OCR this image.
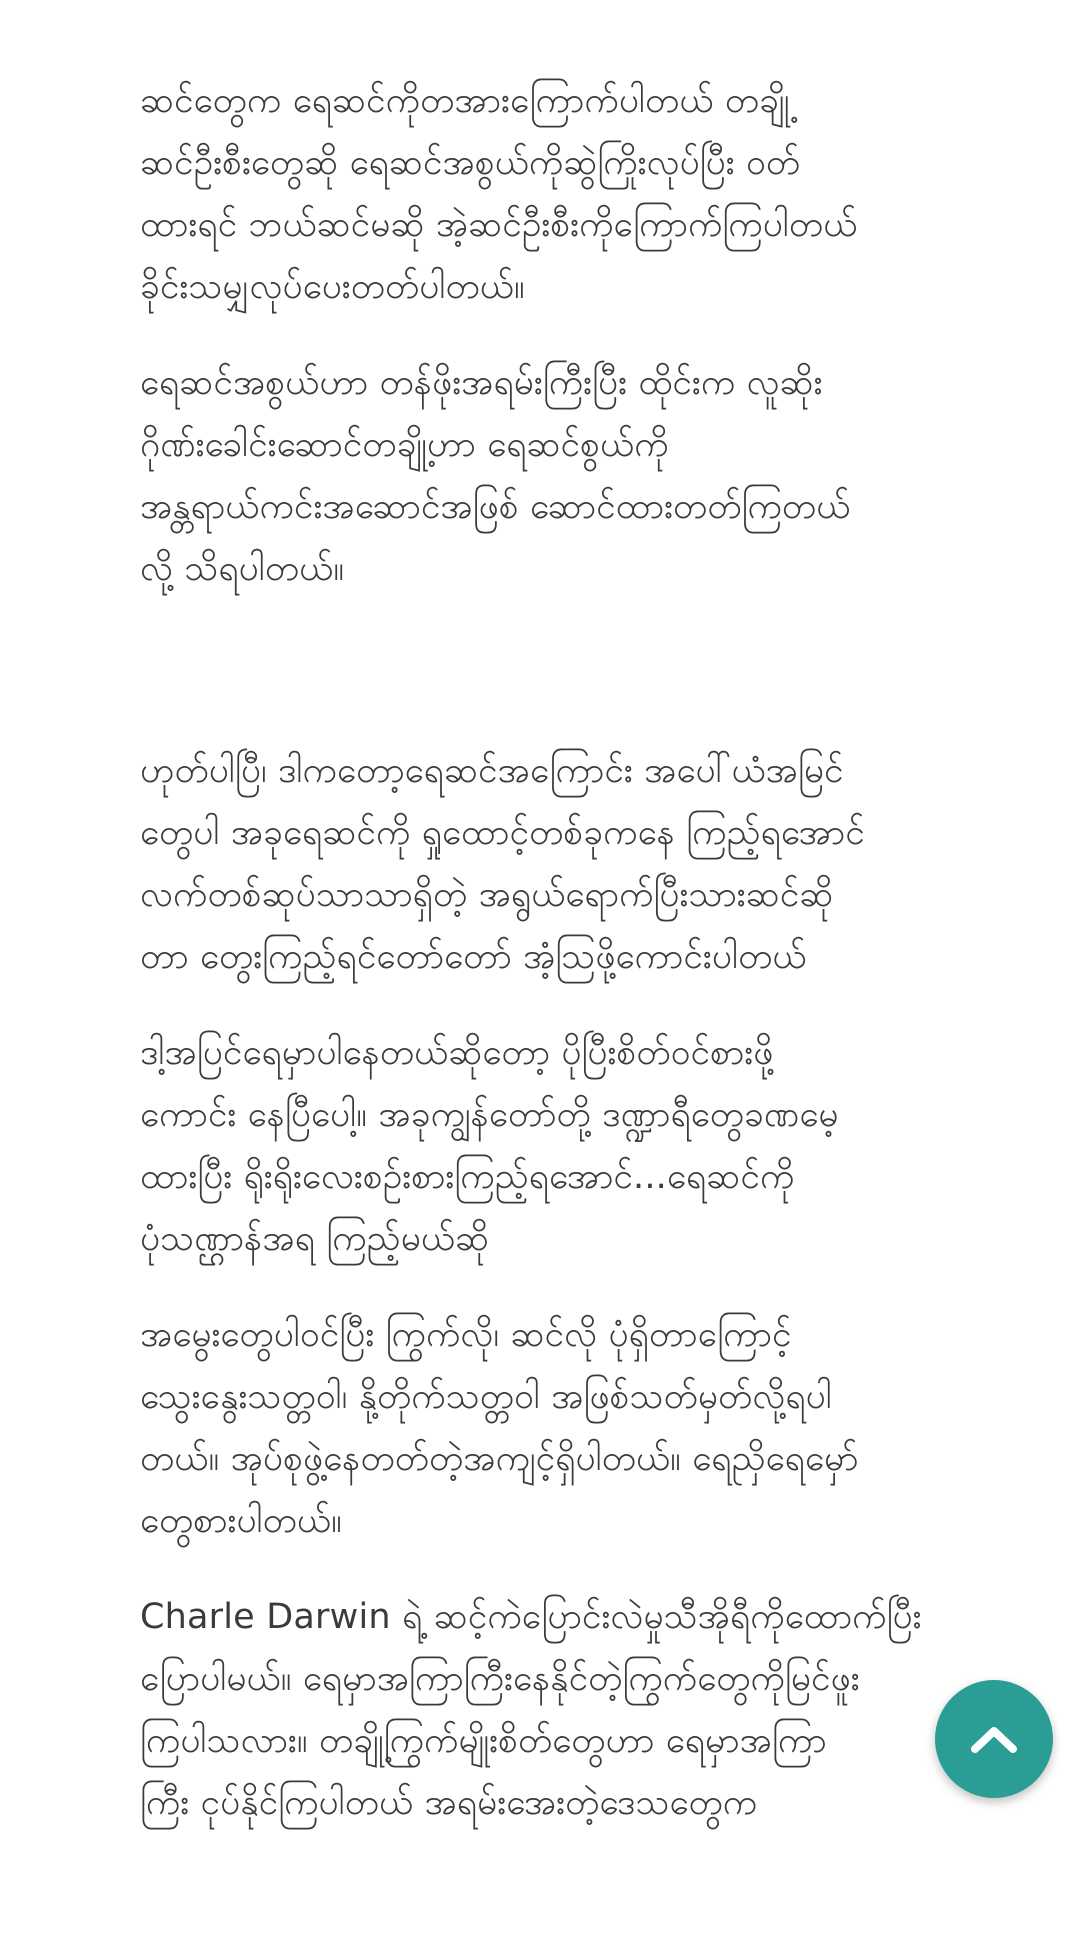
ဆင်တွေက ရေဆင်ကိုတအားကြောက်ပါတယ် တချို့
ဆင်ဦးစီးတွေဆို ရေဆင်အစွယ်ကိုဆွဲကြိုးလုပ်ပြီး ဝတ်
ထားရင် ဘယ်ဆင်မဆို အဲ့ဆင်ဦးစီးကိုကြောက်ကြပါတယ်
ခိုင်းသမျှလုပ်ပေးတတ်ပါတယ်။

ရေဆင်အစွယ်ဟာ တန်ဖိုးအရမ်းကြီးပြီး ထိုင်းက လူဆိုး
ဂိုဏ်းခေါင်းဆောင်တချို့ဟာ ရေဆင်စွယ်ကို
အန္တရာယ်ကင်းအဆောင်အဖြစ် ဆောင်ထားတတ်ကြတယ်
လို့ သိရပါတယ်။

ဟုတ်ပါပြီ၊ ဒါကတော့ရေဆင်အကြောင်း အပေါ်ယံအမြင်
တွေပါ အခုရေဆင်ကို ရှုထောင့်တစ်ခုကနေ ကြည့်ရအောင်
လက်တစ်ဆုပ်သာသာရှိတဲ့ အရွယ်ရောက်ပြီးသားဆင်ဆို
တာ တွေးကြည့်ရင်တော်တော် အံ့သြဖို့ကောင်းပါတယ်

ဒါ့အပြင်ရေမှာပါနေတယ်ဆိုတော့ ပိုပြီးစိတ်ဝင်စားဖို့
ကောင်း နေပြီပေါ့။ အခုကျွန်တော်တို့ ဒဏ္ဍာရီတွေခဏမေ့
ထားပြီး ရိုးရိုးလေးစဉ်းစားကြည့်ရအောင်...ရေဆင်ကို
ပုံသဏ္ဌာန်အရ ကြည့်မယ်ဆို

အမွေးတွေပါဝင်ပြီး ကြွက်လို၊ ဆင်လို ပုံရှိတာကြောင့်
သွေးနွေးသတ္တဝါ၊ နို့တိုက်သတ္တဝါ အဖြစ်သတ်မှတ်လို့ရပါ
တယ်။ အုပ်စုဖွဲ့နေတတ်တဲ့အကျင့်ရှိပါတယ်။ ရေညှိရေမှော်
တွေစားပါတယ်။

Charle Darwin ရဲ့ ဆင့်ကဲပြောင်းလဲမှုသီအိုရီကိုထောက်ပြီး
ပြောပါမယ်။ ရေမှာအကြာကြီးနေနိုင်တဲ့ကြွက်တွေကိုမြင်ဖူး
ကြပါသလား။ တချို့ကြွက်မျိုးစိတ်တွေဟာ ရေမှာအကြာ
ကြီး ငုပ်နိုင်ကြပါတယ် အရမ်းအေးတဲ့ဒေသတွေက
